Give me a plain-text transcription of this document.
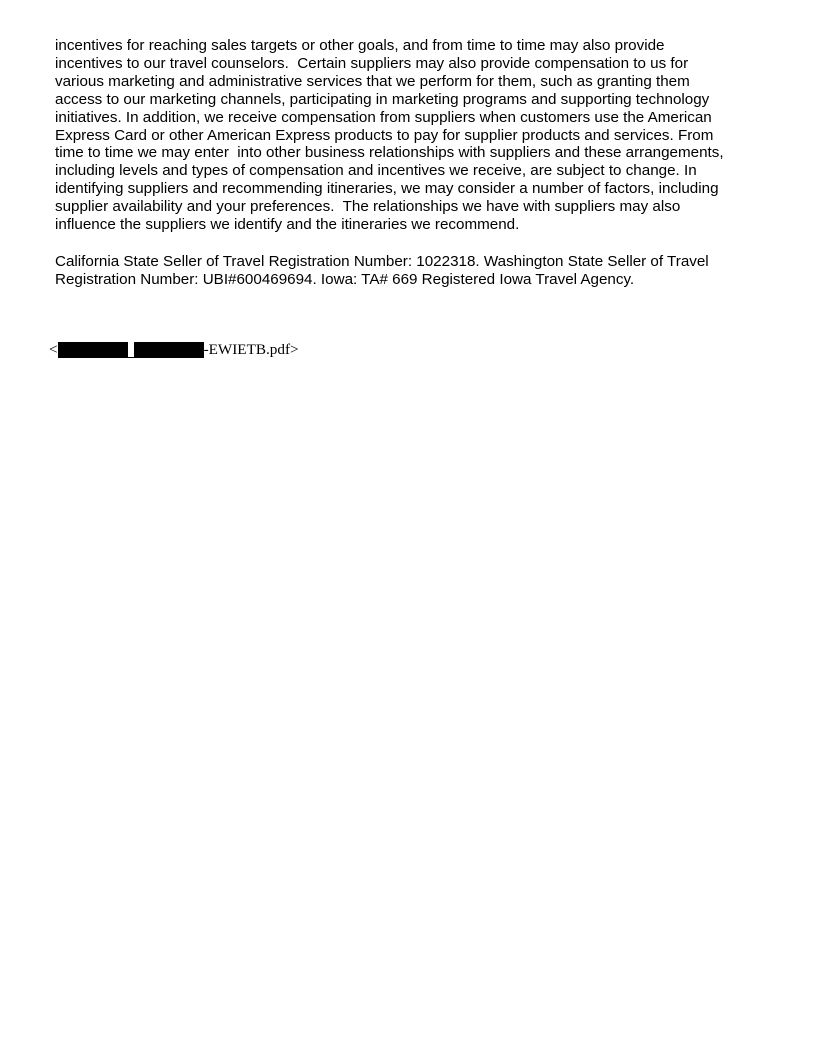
incentives for reaching sales targets or other goals, and from time to time may also provide
incentives to our travel counselors.  Certain suppliers may also provide compensation to us for
various marketing and administrative services that we perform for them, such as granting them
access to our marketing channels, participating in marketing programs and supporting technology
initiatives. In addition, we receive compensation from suppliers when customers use the American
Express Card or other American Express products to pay for supplier products and services. From
time to time we may enter  into other business relationships with suppliers and these arrangements,
including levels and types of compensation and incentives we receive, are subject to change. In
identifying suppliers and recommending itineraries, we may consider a number of factors, including
supplier availability and your preferences.  The relationships we have with suppliers may also
influence the suppliers we identify and the itineraries we recommend.

California State Seller of Travel Registration Number: 1022318. Washington State Seller of Travel
Registration Number: UBI#600469694. Iowa: TA# 669 Registered Iowa Travel Agency.

<	-EWIETB.pdf>
